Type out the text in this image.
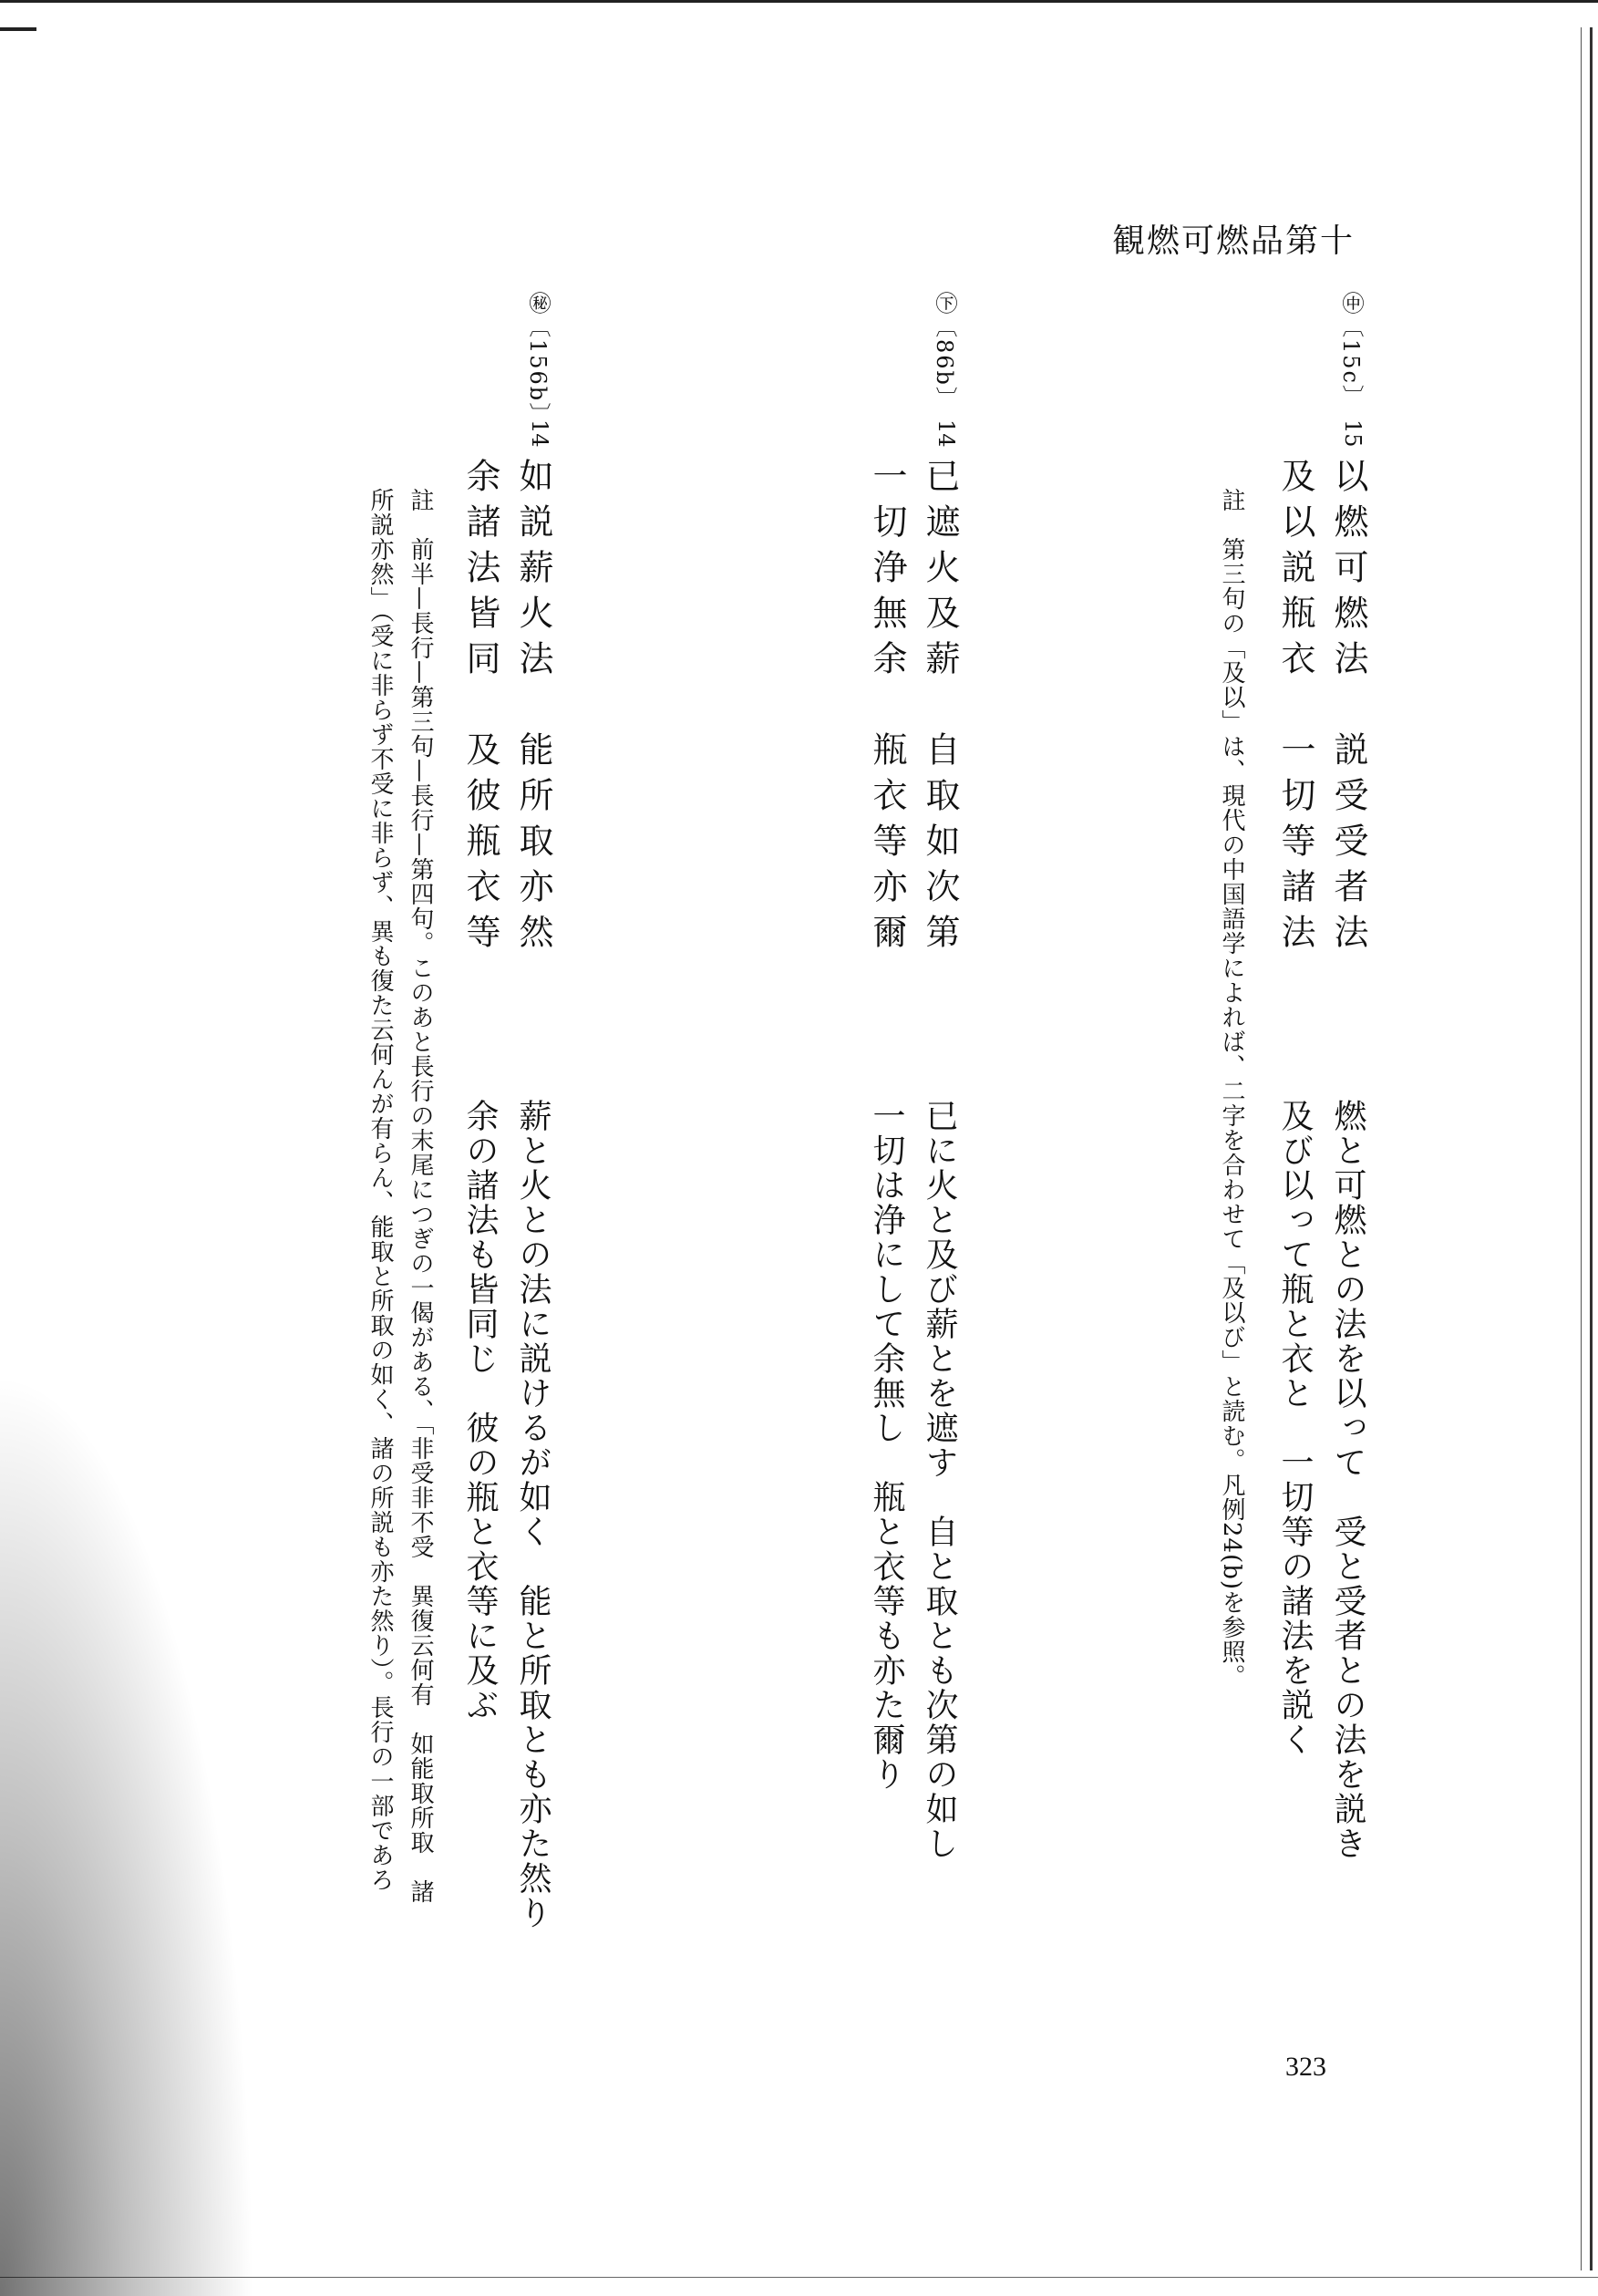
観燃可燃品第十
㊥〔15c〕
15
以燃可燃法　説受受者法
及以説瓶衣　一切等諸法
燃と可燃との法を以って　受と受者との法を説き
及び以って瓶と衣と　一切等の諸法を説く
註　第三句の「及以」は、現代の中国語学によれば、二字を合わせて「及以び」と読む。凡例24(b)を参照。
㊦〔86b〕
14
已遮火及薪　自取如次第
一切浄無余　瓶衣等亦爾
已に火と及び薪とを遮す　自と取とも次第の如し
一切は浄にして余無し　瓶と衣等も亦た爾り
㊙〔156b〕
14
如説薪火法　能所取亦然
余諸法皆同　及彼瓶衣等
薪と火との法に説けるが如く　能と所取とも亦た然り
余の諸法も皆同じ　彼の瓶と衣等に及ぶ
註　前半—長行—第三句—長行—第四句。このあと長行の末尾につぎの一偈がある、「非受非不受　異復云何有　如能取所取　諸
所説亦然」（受に非らず不受に非らず、異も復た云何んが有らん、能取と所取の如く、諸の所説も亦た然り）。長行の一部であろ
323
